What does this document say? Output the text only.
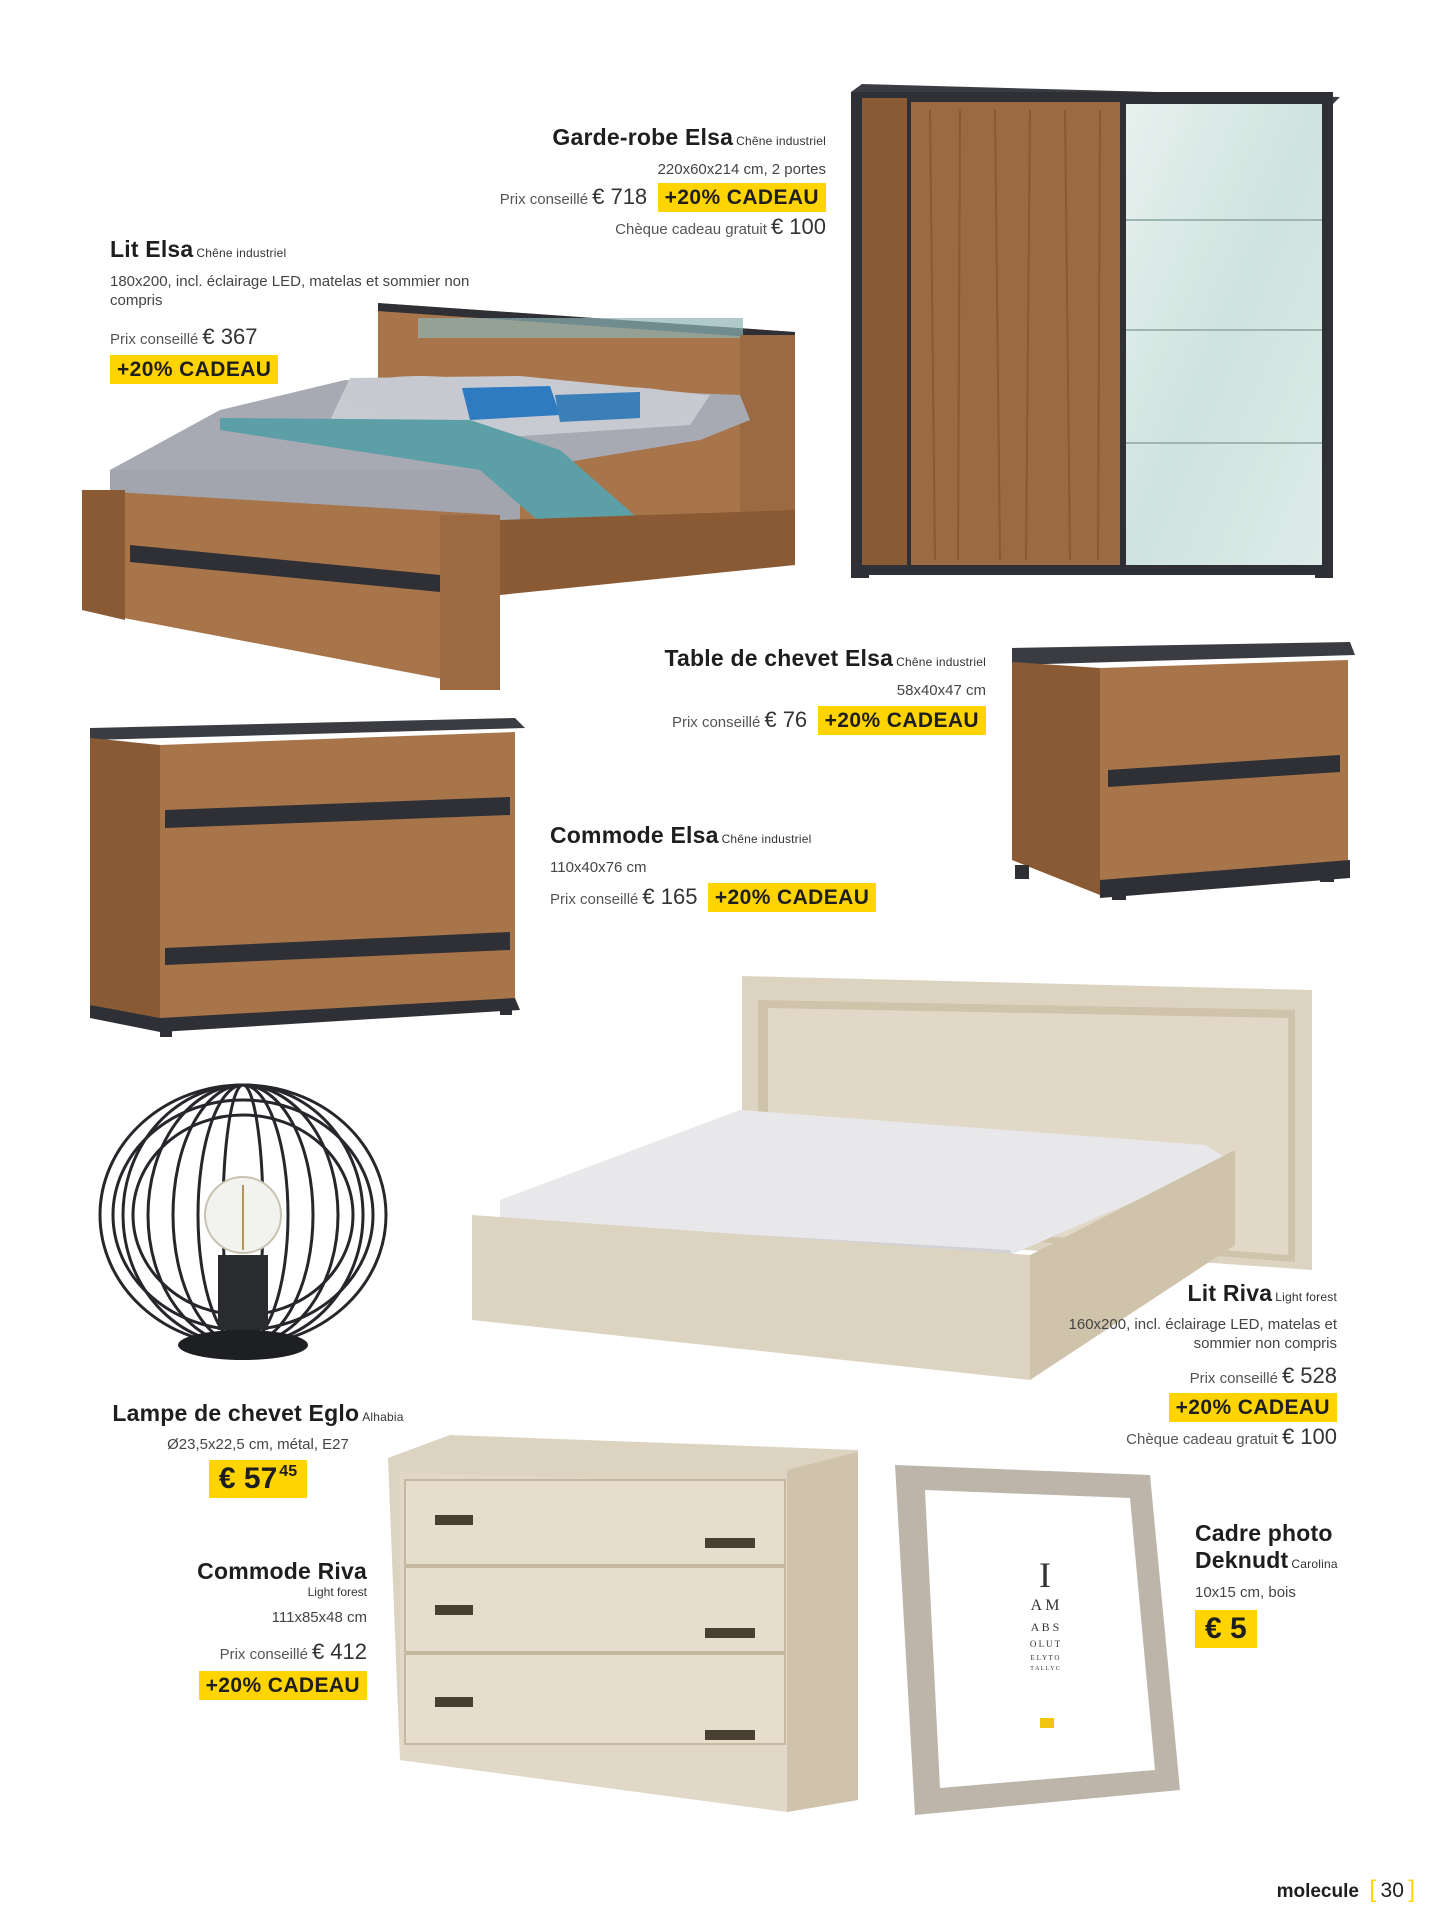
I
A M
A B S
O L U T
E L Y T O
T A L L Y C
Garde-robe Elsa Chêne industriel
220x60x214 cm, 2 portes
Prix conseillé € 718 +20% CADEAU
Chèque cadeau gratuit € 100
Lit Elsa Chêne industriel
180x200, incl. éclairage LED, matelas et sommier non compris
Prix conseillé € 367
+20% CADEAU
Table de chevet Elsa Chêne industriel
58x40x47 cm
Prix conseillé € 76 +20% CADEAU
Commode Elsa Chêne industriel
110x40x76 cm
Prix conseillé € 165 +20% CADEAU
Lit Riva Light forest
160x200, incl. éclairage LED, matelas et
sommier non compris
Prix conseillé € 528
+20% CADEAU
Chèque cadeau gratuit € 100
Lampe de chevet Eglo Alhabia
Ø23,5x22,5 cm, métal, E27
€ 57 $^{45}$
Commode Riva
Light forest
111x85x48 cm
Prix conseillé € 412
+20% CADEAU
Cadre photo
Deknudt Carolina
10x15 cm, bois
€ 5
molecule [ 30 ]
